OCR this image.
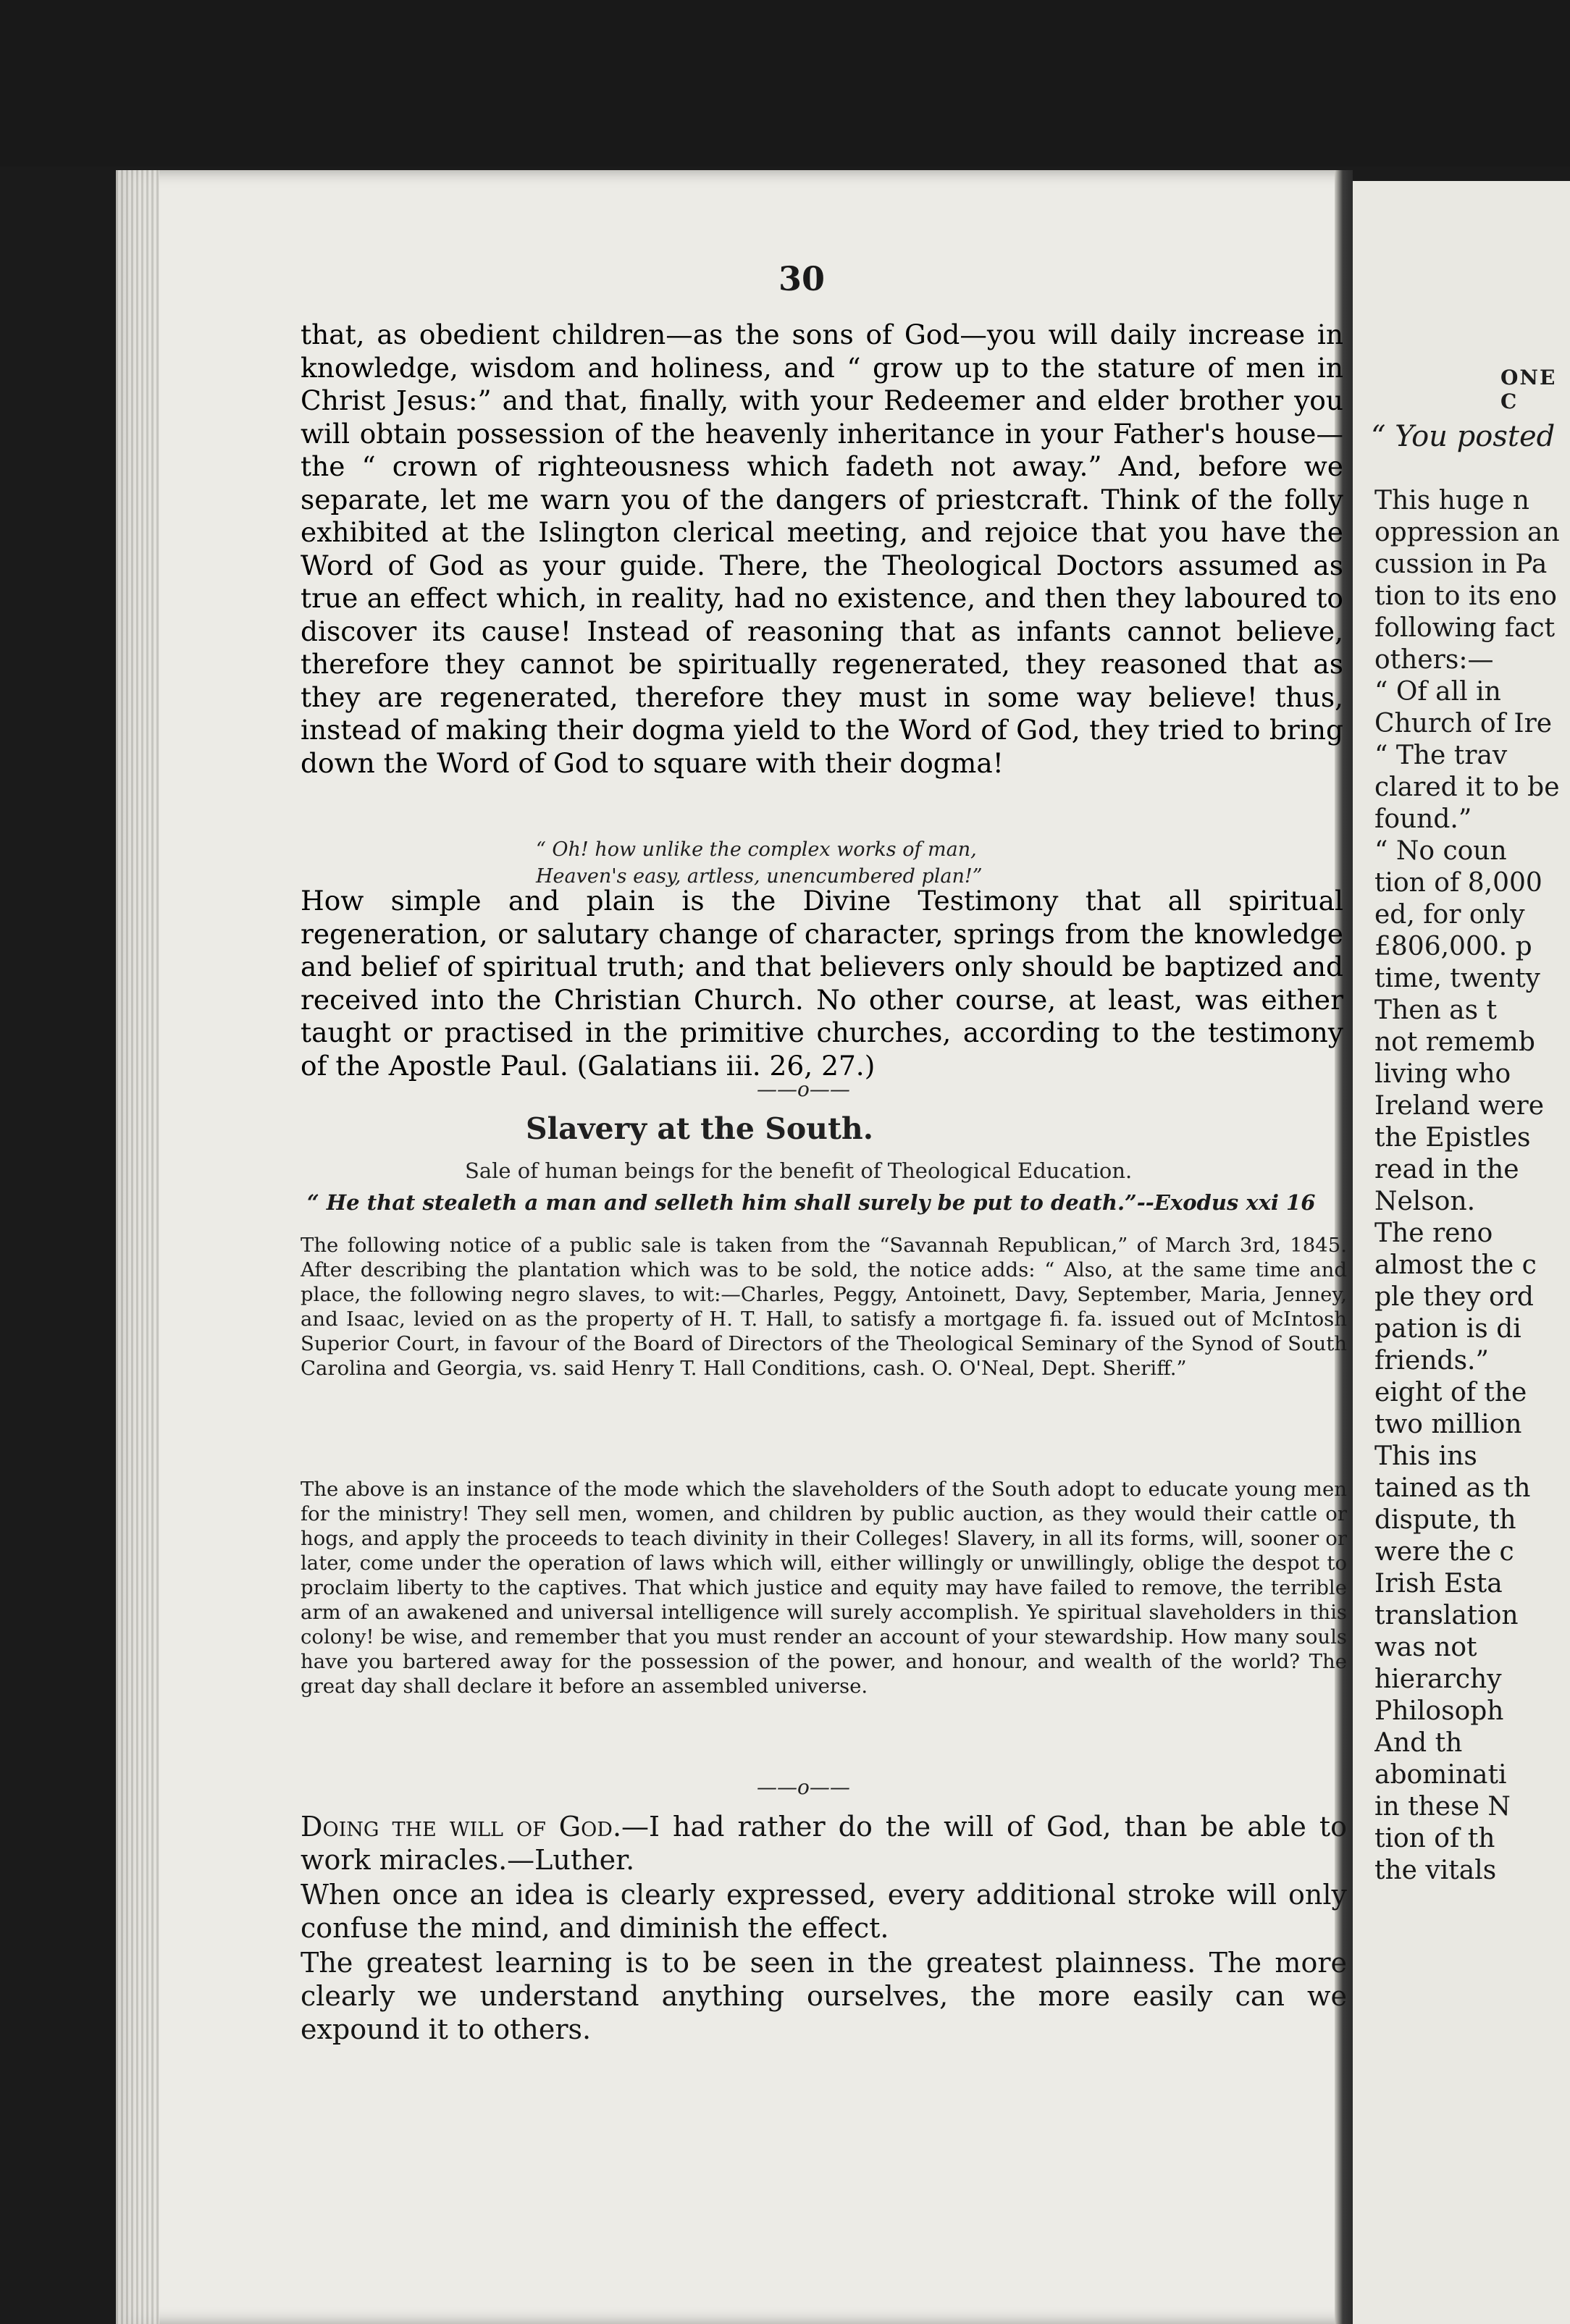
30

that, as obedient children—as the sons of God—you will daily increase in knowledge, wisdom and holiness, and “ grow up to the stature of men in Christ Jesus:” and that, finally, with your Redeemer and elder brother you will obtain possession of the heavenly inheritance in your Father's house—the “ crown of righteousness which fadeth not away.” And, before we separate, let me warn you of the dangers of priestcraft. Think of the folly exhibited at the Islington clerical meeting, and rejoice that you have the Word of God as your guide. There, the Theological Doctors assumed as true an effect which, in reality, had no existence, and then they laboured to discover its cause! Instead of reasoning that as infants cannot believe, therefore they cannot be spiritually regenerated, they reasoned that as they are regenerated, therefore they must in some way believe! thus, instead of making their dogma yield to the Word of God, they tried to bring down the Word of God to square with their dogma!

“ Oh! how unlike the complex works of man,
Heaven's easy, artless, unencumbered plan!”

How simple and plain is the Divine Testimony that all spiritual regeneration, or salutary change of character, springs from the knowledge and belief of spiritual truth; and that believers only should be baptized and received into the Christian Church. No other course, at least, was either taught or practised in the primitive churches, according to the testimony of the Apostle Paul. (Galatians iii. 26, 27.)

——o——
Slavery at the South.
Sale of human beings for the benefit of Theological Education.
“ He that stealeth a man and selleth him shall surely be put to death.”--Exodus xxi 16

The following notice of a public sale is taken from the “Savannah Republican,” of March 3rd, 1845. After describing the plantation which was to be sold, the notice adds: “ Also, at the same time and place, the following negro slaves, to wit:—Charles, Peggy, Antoinett, Davy, September, Maria, Jenney, and Isaac, levied on as the property of H. T. Hall, to satisfy a mortgage fi. fa. issued out of McIntosh Superior Court, in favour of the Board of Directors of the Theological Seminary of the Synod of South Carolina and Georgia, vs. said Henry T. Hall Conditions, cash. O. O'Neal, Dept. Sheriff.”

The above is an instance of the mode which the slaveholders of the South adopt to educate young men for the ministry! They sell men, women, and children by public auction, as they would their cattle or hogs, and apply the proceeds to teach divinity in their Colleges! Slavery, in all its forms, will, sooner or later, come under the operation of laws which will, either willingly or unwillingly, oblige the despot to proclaim liberty to the captives. That which justice and equity may have failed to remove, the terrible arm of an awakened and universal intelligence will surely accomplish. Ye spiritual slaveholders in this colony! be wise, and remember that you must render an account of your stewardship. How many souls have you bartered away for the possession of the power, and honour, and wealth of the world? The great day shall declare it before an assembled universe.

——o——

Doing the will of God.—I had rather do the will of God, than be able to work miracles.—Luther.

When once an idea is clearly expressed, every additional stroke will only confuse the mind, and diminish the effect.

The greatest learning is to be seen in the greatest plainness. The more clearly we understand anything ourselves, the more easily can we expound it to others.

ONE C
“ You posted
This huge n
oppression an
cussion in Pa
tion to its eno
following fact
others:—
“ Of all in
Church of Ire
“ The trav
clared it to be
found.”
“ No coun
tion of 8,000
ed, for only
£806,000. p
time, twenty
Then as t
not rememb
living who
Ireland were
the Epistles
read in the
Nelson.
The reno
almost the c
ple they ord
pation is di
friends.”
eight of the
two million
This ins
tained as th
dispute, th
were the c
Irish Esta
translation
was not
hierarchy
Philosoph
And th
abominati
in these N
tion of th
the vitals
